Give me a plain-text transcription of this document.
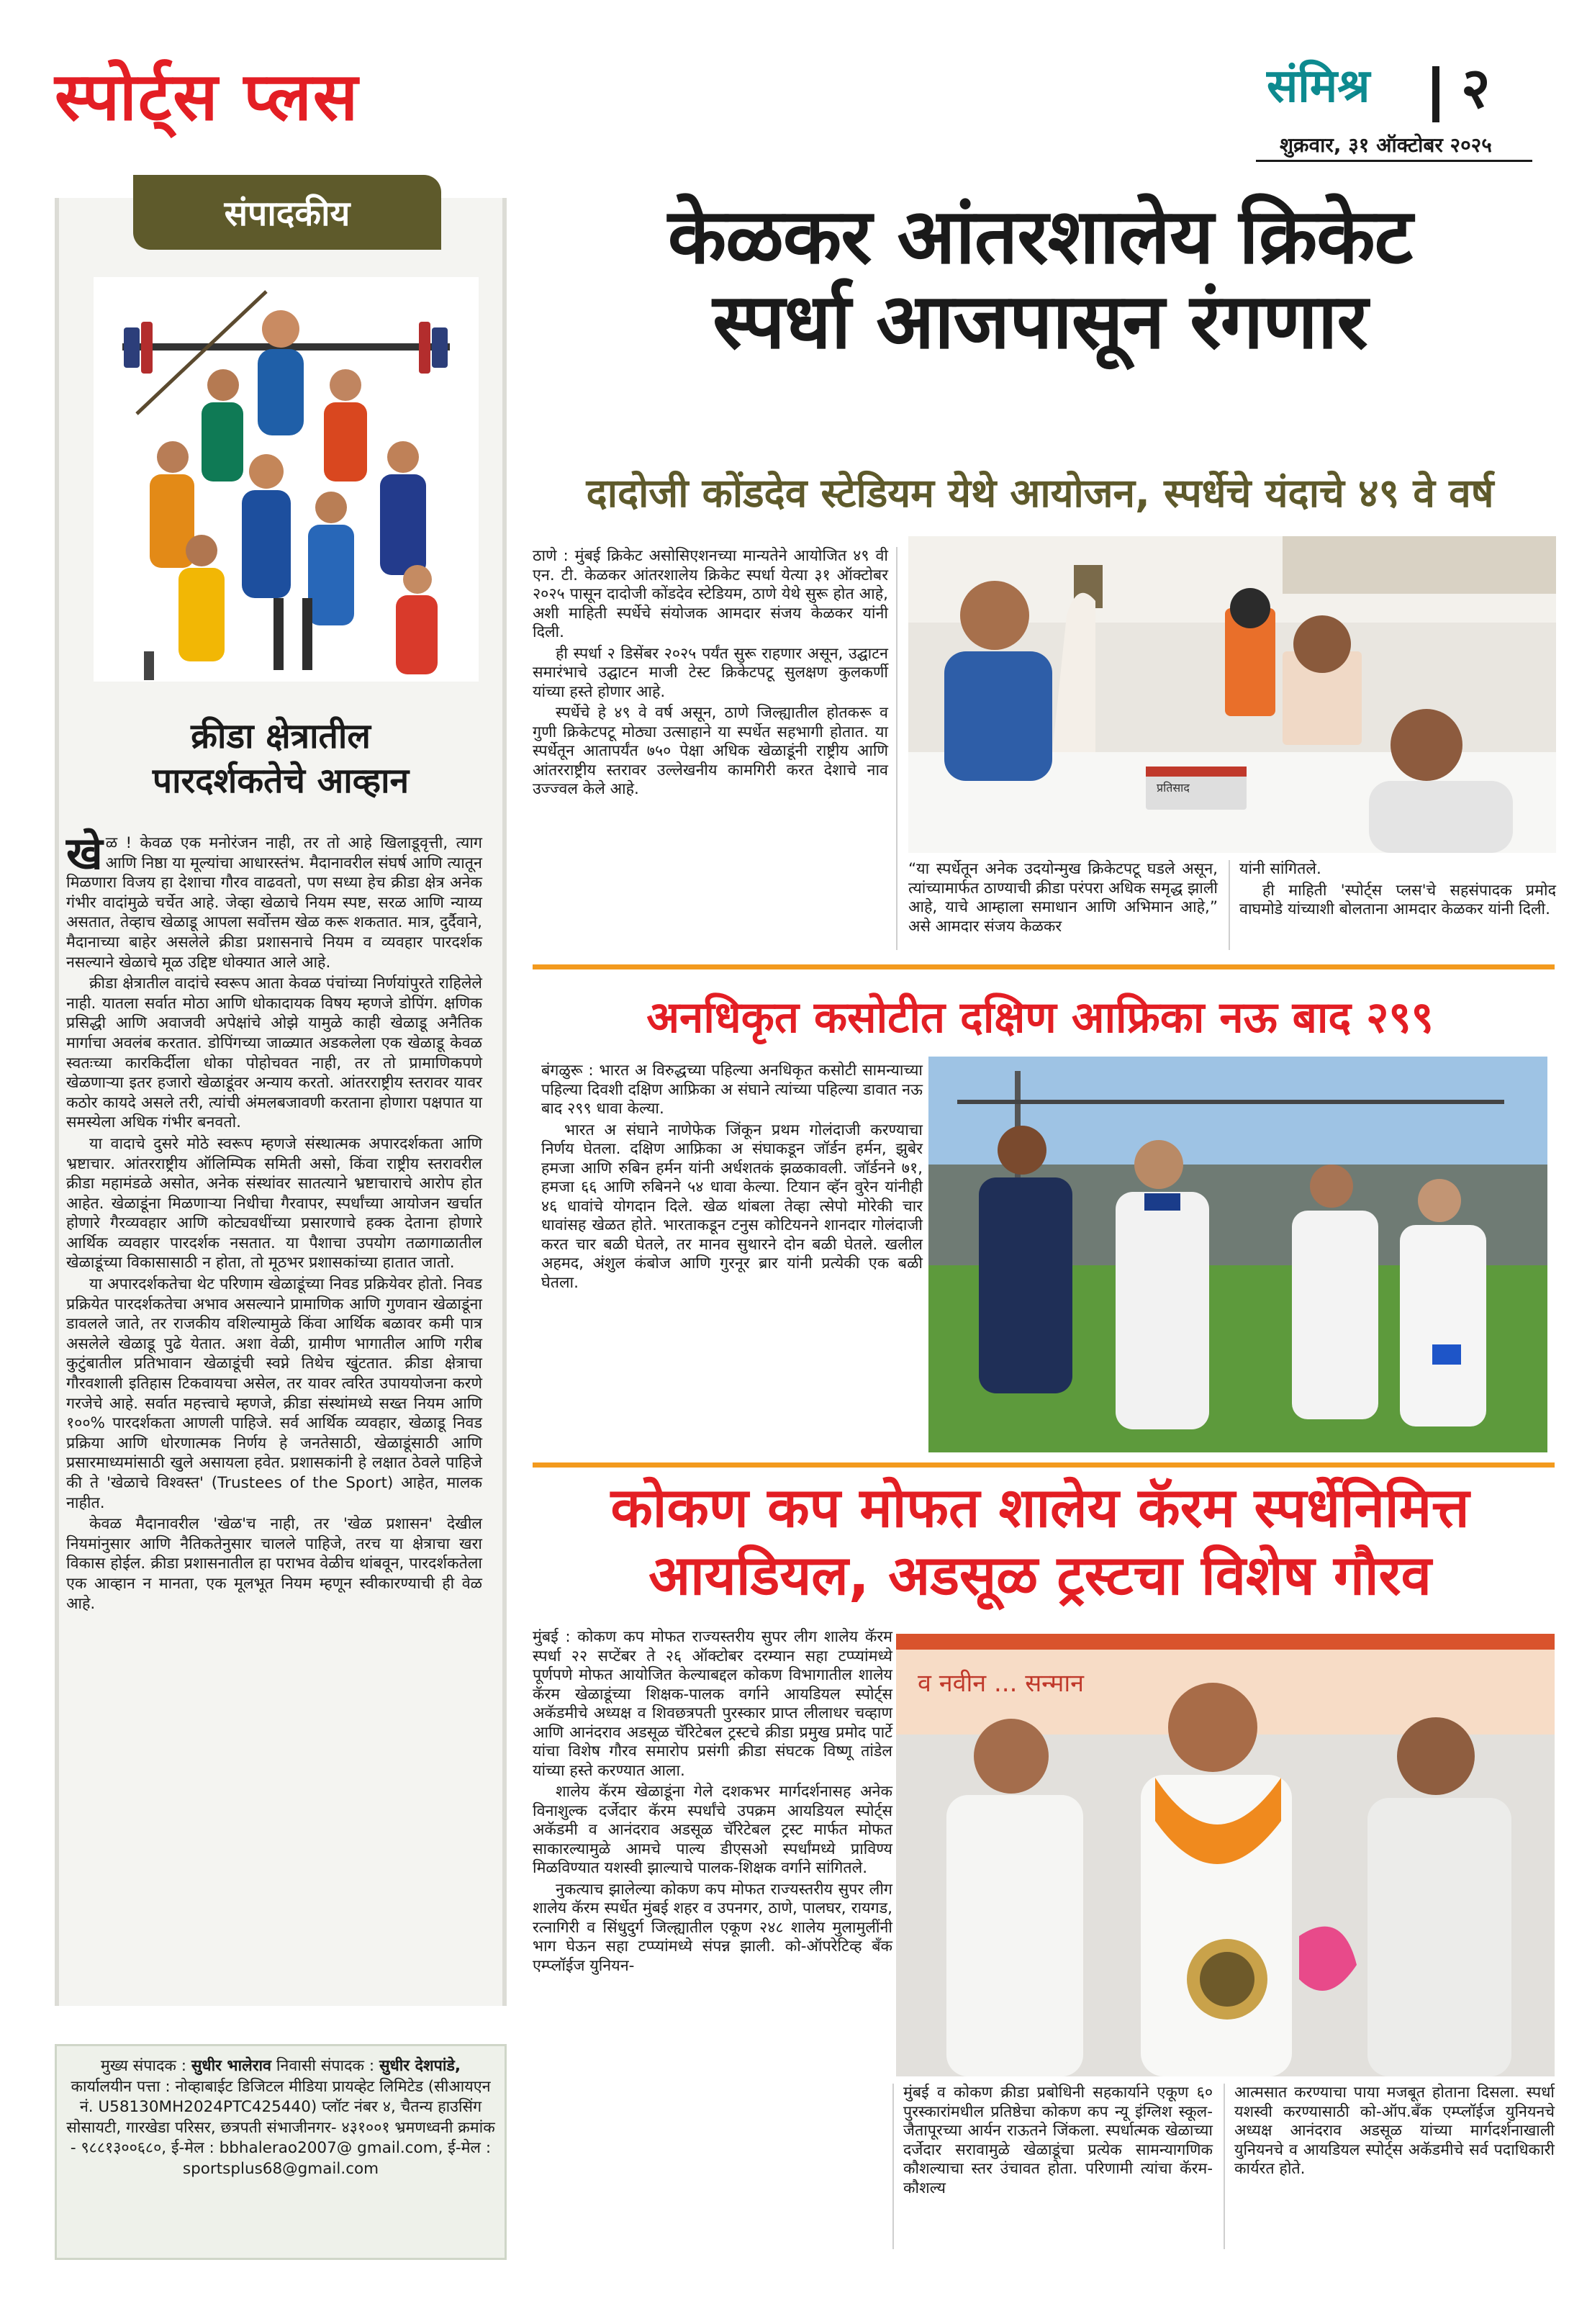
स्पोर्ट्स प्लस	संमिश्र २
शुक्रवार, ३१ ऑक्टोबर २०२५
संपादकीय
क्रीडा क्षेत्रातील
पारदर्शकतेचे आव्हान

खेळ ! केवळ एक मनोरंजन नाही, तर तो आहे खिलाडूवृत्ती, त्याग आणि निष्ठा या मूल्यांचा आधारस्तंभ. मैदानावरील संघर्ष आणि त्यातून मिळणारा विजय हा देशाचा गौरव वाढवतो, पण सध्या हेच क्रीडा क्षेत्र अनेक गंभीर वादांमुळे चर्चेत आहे. जेव्हा खेळाचे नियम स्पष्ट, सरळ आणि न्याय्य असतात, तेव्हाच खेळाडू आपला सर्वोत्तम खेळ करू शकतात. मात्र, दुर्दैवाने, मैदानाच्या बाहेर असलेले क्रीडा प्रशासनाचे नियम व व्यवहार पारदर्शक नसल्याने खेळाचे मूळ उद्दिष्ट धोक्यात आले आहे.

क्रीडा क्षेत्रातील वादांचे स्वरूप आता केवळ पंचांच्या निर्णयांपुरते राहिलेले नाही. यातला सर्वात मोठा आणि धोकादायक विषय म्हणजे डोपिंग. क्षणिक प्रसिद्धी आणि अवाजवी अपेक्षांचे ओझे यामुळे काही खेळाडू अनैतिक मार्गाचा अवलंब करतात. डोपिंगच्या जाळ्यात अडकलेला एक खेळाडू केवळ स्वतःच्या कारकिर्दीला धोका पोहोचवत नाही, तर तो प्रामाणिकपणे खेळणाऱ्या इतर हजारो खेळाडूंवर अन्याय करतो. आंतरराष्ट्रीय स्तरावर यावर कठोर कायदे असले तरी, त्यांची अंमलबजावणी करताना होणारा पक्षपात या समस्येला अधिक गंभीर बनवतो.

या वादाचे दुसरे मोठे स्वरूप म्हणजे संस्थात्मक अपारदर्शकता आणि भ्रष्टाचार. आंतरराष्ट्रीय ऑलिम्पिक समिती असो, किंवा राष्ट्रीय स्तरावरील क्रीडा महामंडळे असोत, अनेक संस्थांवर सातत्याने भ्रष्टाचाराचे आरोप होत आहेत. खेळाडूंना मिळणाऱ्या निधीचा गैरवापर, स्पर्धांच्या आयोजन खर्चात होणारे गैरव्यवहार आणि कोट्यवधींच्या प्रसारणाचे हक्क देताना होणारे आर्थिक व्यवहार पारदर्शक नसतात. या पैशाचा उपयोग तळागाळातील खेळाडूंच्या विकासासाठी न होता, तो मूठभर प्रशासकांच्या हातात जातो.

या अपारदर्शकतेचा थेट परिणाम खेळाडूंच्या निवड प्रक्रियेवर होतो. निवड प्रक्रियेत पारदर्शकतेचा अभाव असल्याने प्रामाणिक आणि गुणवान खेळाडूंना डावलले जाते, तर राजकीय वशिल्यामुळे किंवा आर्थिक बळावर कमी पात्र असलेले खेळाडू पुढे येतात. अशा वेळी, ग्रामीण भागातील आणि गरीब कुटुंबातील प्रतिभावान खेळाडूंची स्वप्ने तिथेच खुंटतात. क्रीडा क्षेत्राचा गौरवशाली इतिहास टिकवायचा असेल, तर यावर त्वरित उपाययोजना करणे गरजेचे आहे. सर्वात महत्त्वाचे म्हणजे, क्रीडा संस्थांमध्ये सख्त नियम आणि १००% पारदर्शकता आणली पाहिजे. सर्व आर्थिक व्यवहार, खेळाडू निवड प्रक्रिया आणि धोरणात्मक निर्णय हे जनतेसाठी, खेळाडूंसाठी आणि प्रसारमाध्यमांसाठी खुले असायला हवेत. प्रशासकांनी हे लक्षात ठेवले पाहिजे की ते 'खेळाचे विश्वस्त' (Trustees of the Sport) आहेत, मालक नाहीत.

केवळ मैदानावरील 'खेळ'च नाही, तर 'खेळ प्रशासन' देखील नियमांनुसार आणि नैतिकतेनुसार चालले पाहिजे, तरच या क्षेत्राचा खरा विकास होईल. क्रीडा प्रशासनातील हा पराभव वेळीच थांबवून, पारदर्शकतेला एक आव्हान न मानता, एक मूलभूत नियम म्हणून स्वीकारण्याची ही वेळ आहे.

मुख्य संपादक : सुधीर भालेराव निवासी संपादक : सुधीर देशपांडे,
कार्यालयीन पत्ता : नोव्हाबाईट डिजिटल मीडिया प्रायव्हेट लिमिटेड (सीआयएन नं. U58130MH2024PTC425440) प्लॉट नंबर ४, चैतन्य हाउसिंग सोसायटी, गारखेडा परिसर, छत्रपती संभाजीनगर- ४३१००१ भ्रमणध्वनी क्रमांक - ९८८१३००६८०, ई-मेल : bbhalerao2007@ gmail.com, ई-मेल : sportsplus68@gmail.com
केळकर आंतरशालेय क्रिकेट
स्पर्धा आजपासून रंगणार
दादोजी कोंडदेव स्टेडियम येथे आयोजन, स्पर्धेचे यंदाचे ४९ वे वर्ष

ठाणे : मुंबई क्रिकेट असोसिएशनच्या मान्यतेने आयोजित ४९ वी एन. टी. केळकर आंतरशालेय क्रिकेट स्पर्धा येत्या ३१ ऑक्टोबर २०२५ पासून दादोजी कोंडदेव स्टेडियम, ठाणे येथे सुरू होत आहे, अशी माहिती स्पर्धेचे संयोजक आमदार संजय केळकर यांनी दिली.

ही स्पर्धा २ डिसेंबर २०२५ पर्यंत सुरू राहणार असून, उद्घाटन समारंभाचे उद्घाटन माजी टेस्ट क्रिकेटपटू सुलक्षण कुलकर्णी यांच्या हस्ते होणार आहे.

स्पर्धेचे हे ४९ वे वर्ष असून, ठाणे जिल्ह्यातील होतकरू व गुणी क्रिकेटपटू मोठ्या उत्साहाने या स्पर्धेत सहभागी होतात. या स्पर्धेतून आतापर्यंत ७५० पेक्षा अधिक खेळाडूंनी राष्ट्रीय आणि आंतरराष्ट्रीय स्तरावर उल्लेखनीय कामगिरी करत देशाचे नाव उज्ज्वल केले आहे.	प्रतिसाद

“या स्पर्धेतून अनेक उदयोन्मुख क्रिकेटपटू घडले असून, त्यांच्यामार्फत ठाण्याची क्रीडा परंपरा अधिक समृद्ध झाली आहे, याचे आम्हाला समाधान आणि अभिमान आहे,” असे आमदार संजय केळकर

यांनी सांगितले.

ही माहिती 'स्पोर्ट्स प्लस'चे सहसंपादक प्रमोद वाघमोडे यांच्याशी बोलताना आमदार केळकर यांनी दिली.

अनधिकृत कसोटीत दक्षिण आफ्रिका नऊ बाद २९९

बंगळुरू : भारत अ विरुद्धच्या पहिल्या अनधिकृत कसोटी सामन्याच्या पहिल्या दिवशी दक्षिण आफ्रिका अ संघाने त्यांच्या पहिल्या डावात नऊ बाद २९९ धावा केल्या.

भारत अ संघाने नाणेफेक जिंकून प्रथम गोलंदाजी करण्याचा निर्णय घेतला. दक्षिण आफ्रिका अ संघाकडून जॉर्डन हर्मन, झुबेर हमजा आणि रुबिन हर्मन यांनी अर्धशतकं झळकावली. जॉर्डनने ७१, हमजा ६६ आणि रुबिनने ५४ धावा केल्या. टियान व्हॅन वुरेन यांनीही ४६ धावांचे योगदान दिले. खेळ थांबला तेव्हा त्सेपो मोरेकी चार धावांसह खेळत होते. भारताकडून टनुस कोटियनने शानदार गोलंदाजी करत चार बळी घेतले, तर मानव सुथारने दोन बळी घेतले. खलील अहमद, अंशुल कंबोज आणि गुरनूर ब्रार यांनी प्रत्येकी एक बळी घेतला.

कोकण कप मोफत शालेय कॅरम स्पर्धेनिमित्त
आयडियल, अडसूळ ट्रस्टचा विशेष गौरव

मुंबई : कोकण कप मोफत राज्यस्तरीय सुपर लीग शालेय कॅरम स्पर्धा २२ सप्टेंबर ते २६ ऑक्टोबर दरम्यान सहा टप्प्यांमध्ये पूर्णपणे मोफत आयोजित केल्याबद्दल कोकण विभागातील शालेय कॅरम खेळाडूंच्या शिक्षक-पालक वर्गाने आयडियल स्पोर्ट्स अकॅडमीचे अध्यक्ष व शिवछत्रपती पुरस्कार प्राप्त लीलाधर चव्हाण आणि आनंदराव अडसूळ चॅरिटेबल ट्रस्टचे क्रीडा प्रमुख प्रमोद पार्टे यांचा विशेष गौरव समारोप प्रसंगी क्रीडा संघटक विष्णू तांडेल यांच्या हस्ते करण्यात आला.

शालेय कॅरम खेळाडूंना गेले दशकभर मार्गदर्शनासह अनेक विनाशुल्क दर्जेदार कॅरम स्पर्धांचे उपक्रम आयडियल स्पोर्ट्स अकॅडमी व आनंदराव अडसूळ चॅरिटेबल ट्रस्ट मार्फत मोफत साकारल्यामुळे आमचे पाल्य डीएसओ स्पर्धांमध्ये प्राविण्य मिळविण्यात यशस्वी झाल्याचे पालक-शिक्षक वर्गाने सांगितले.

नुकत्याच झालेल्या कोकण कप मोफत राज्यस्तरीय सुपर लीग शालेय कॅरम स्पर्धेत मुंबई शहर व उपनगर, ठाणे, पालघर, रायगड, रत्नागिरी व सिंधुदुर्ग जिल्ह्यातील एकूण २४८ शालेय मुलामुलींनी भाग घेऊन सहा टप्प्यांमध्ये संपन्न झाली. को-ऑपरेटिव्ह बँक एम्प्लॉईज युनियन-

व नवीन ... सन्मान

मुंबई व कोकण क्रीडा प्रबोधिनी सहकार्याने एकूण ६० पुरस्कारांमधील प्रतिष्ठेचा कोकण कप न्यू इंग्लिश स्कूल-जैतापूरच्या आर्यन राऊतने जिंकला. स्पर्धात्मक खेळाच्या दर्जेदार सरावामुळे खेळाडूंचा प्रत्येक सामन्यागणिक कौशल्याचा स्तर उंचावत होता. परिणामी त्यांचा कॅरम-कौशल्य

आत्मसात करण्याचा पाया मजबूत होताना दिसला. स्पर्धा यशस्वी करण्यासाठी को-ऑप.बँक एम्प्लॉईज युनियनचे अध्यक्ष आनंदराव अडसूळ यांच्या मार्गदर्शनाखाली युनियनचे व आयडियल स्पोर्ट्स अकॅडमीचे सर्व पदाधिकारी कार्यरत होते.
